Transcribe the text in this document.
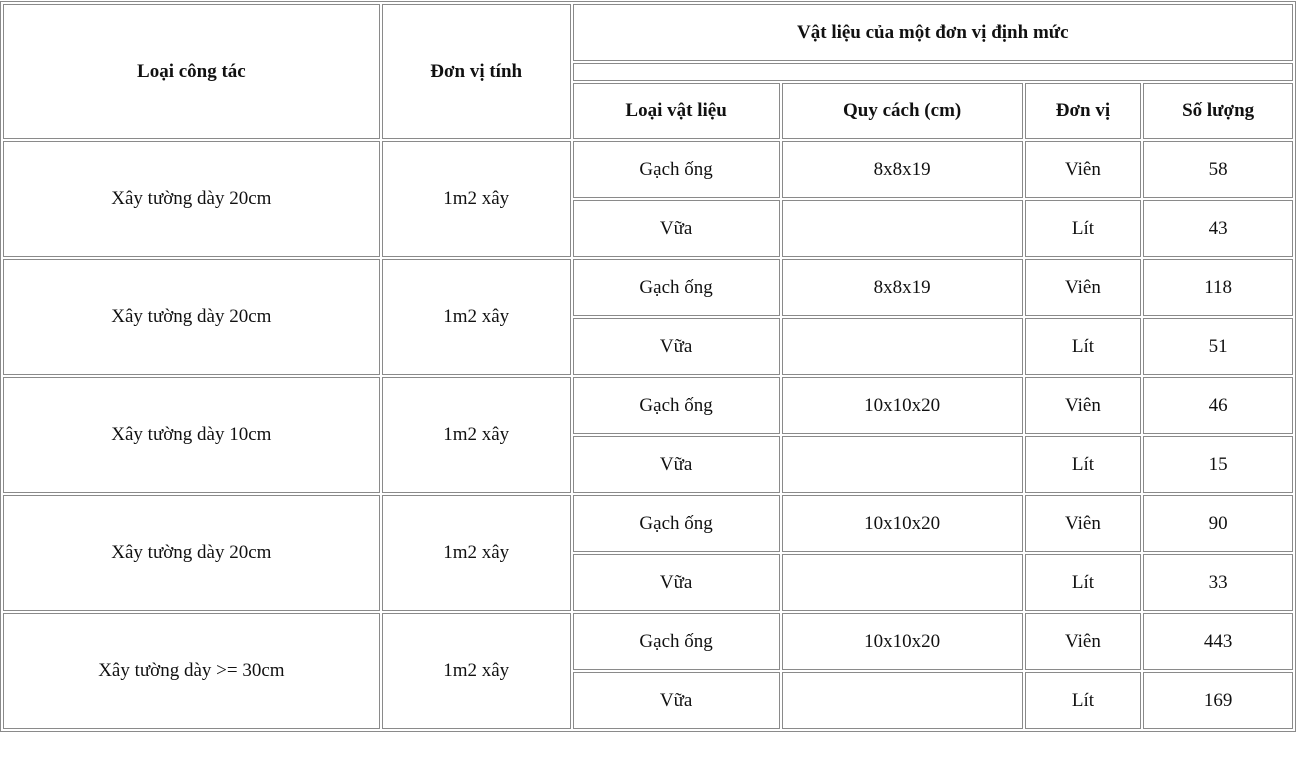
Loại công tác	Đơn vị tính	Vật liệu của một đơn vị định mức			

		Loại vật liệu	Quy cách (cm)	Đơn vị	Số lượng
Xây tường dày 20cm	1m2 xây	Gạch ống	8x8x19	Viên	58
		Vữa		Lít	43
Xây tường dày 20cm	1m2 xây	Gạch ống	8x8x19	Viên	118
		Vữa		Lít	51
Xây tường dày 10cm	1m2 xây	Gạch ống	10x10x20	Viên	46
		Vữa		Lít	15
Xây tường dày 20cm	1m2 xây	Gạch ống	10x10x20	Viên	90
		Vữa		Lít	33
Xây tường dày >= 30cm	1m2 xây	Gạch ống	10x10x20	Viên	443
		Vữa		Lít	169
